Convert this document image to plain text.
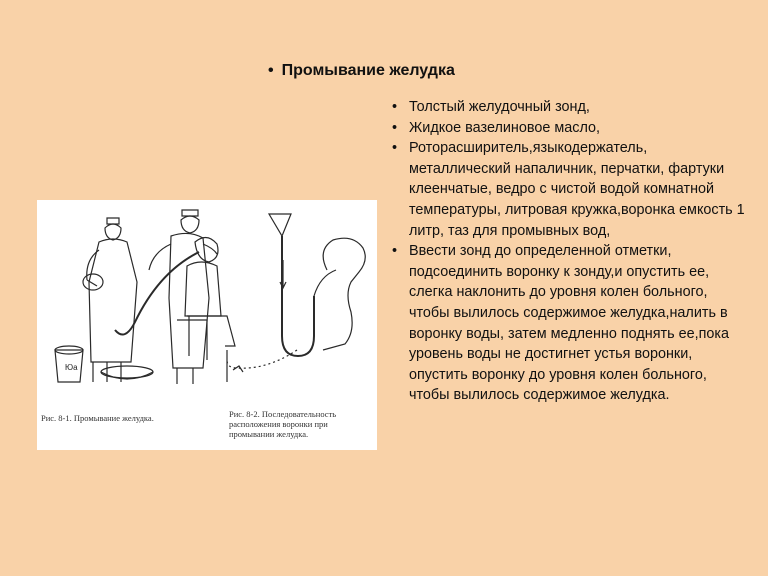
• Промывание желудка
Юа
Рис. 8-1. Промывание желудка.	Рис. 8-2. Последовательность расположения воронки при промывании желудка.
• Толстый желудочный зонд,
• Жидкое вазелиновое масло,
• Роторасширитель,языкодержатель, металлический напаличник, перчатки, фартуки клеенчатые, ведро с чистой водой комнатной температуры, литровая кружка,воронка емкость 1 литр, таз для промывных вод,
• Ввести зонд до определенной отметки, подсоединить воронку к зонду,и опустить ее, слегка наклонить до уровня колен больного, чтобы вылилось содержимое желудка,налить в воронку воды, затем медленно поднять ее,пока уровень воды не достигнет устья воронки, опустить воронку до уровня колен больного, чтобы вылилось содержимое желудка.
